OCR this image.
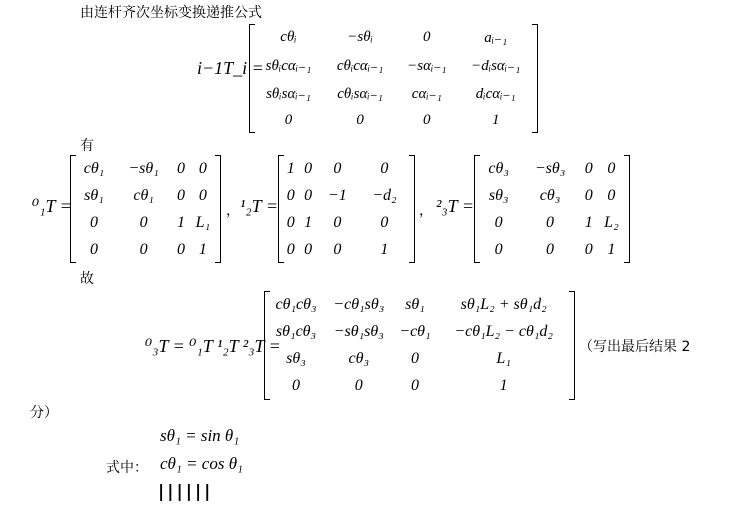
由连杆齐次坐标变换递推公式
i−1T_i =
cθᵢ	−sθᵢ	0	aᵢ₋₁
sθᵢcαᵢ₋₁	cθᵢcαᵢ₋₁	−sαᵢ₋₁	−dᵢsαᵢ₋₁
sθᵢsαᵢ₋₁	cθᵢsαᵢ₋₁	cαᵢ₋₁	dᵢcαᵢ₋₁
0	0	0	1
有
⁰₁T =
cθ₁	−sθ₁	0	0
sθ₁	cθ₁	0	0
0	0	1	L₁
0	0	0	1
， ¹₂T =
1	0	0	0
0	0	−1	−d₂
0	1	0	0
0	0	0	1
， ²₃T =
cθ₃	−sθ₃	0	0
sθ₃	cθ₃	0	0
0	0	1	L₂
0	0	0	1
故
⁰₃T = ⁰₁T ¹₂T ²₃T =
cθ₁cθ₃	−cθ₁sθ₃	sθ₁	sθ₁L₂ + sθ₁d₂
sθ₁cθ₃	−sθ₁sθ₃	−cθ₁	−cθ₁L₂ − cθ₁d₂
sθ₃	cθ₃	0	L₁
0	0	0	1
（写出最后结果 2
分）
sθ₁ = sin θ₁
式中： cθ₁ = cos θ₁
||||||
